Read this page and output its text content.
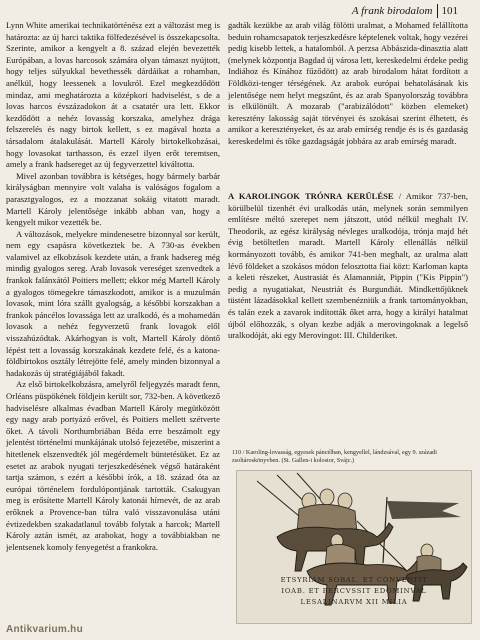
A frank birodalom 101

Lynn White amerikai technikatörténész ezt a változást meg is határozta: az új harci taktika fölfedezésével is összekapcsolta. Szerinte, amikor a kengyelt a 8. század elején bevezették Európában, a lovas harcosok számára olyan támaszt nyújtott, hogy teljes súlyukkal bevethessék dárdáikat a rohamban, anélkül, hogy leessenek a lovukról. Ezel megkezdődött mindaz, ami meghatározta a középkori hadviselést, s de a lovas harcos évszázadokon át a csatatér ura lett. Ekkor kezdődött a nehéz lovasság korszaka, amelyhez drága felszerelés és nagy birtok kellett, s ez magával hozta a társadalom átalakulását. Martell Károly birtokelkobzásai, hogy lovasokat tarthasson, és ezzel ilyen erőt teremtsen, amely a frank hadsereget az új fegyverzettel kiváltotta.

Mivel azonban továbbra is kétséges, hogy bármely barbár királyságban mennyire volt valaha is valóságos fogalom a parasztgyalogos, ez a mozzanat sokáig vitatott maradt. Martell Károly jelentősége inkább abban van, hogy a kengyelt mikor vezették be.

A változások, melyekre mindenesetre bizonnyal sor került, nem egy csapásra következtek be. A 730-as években valamivel az elkobzások kezdete után, a frank hadsereg még mindig gyalogos sereg. Arab lovasok vereséget szenvedtek a frankok falánxától Poitiers mellett; ekkor még Martell Károly a gyalogos tömegekre támaszkodott, amikor is a muzulmán lovasok, mint lóra szállt gyalogság, a későbbi korszakban a frankok páncélos lovassága lett az uralkodó, és a mohamedán lovasok a nehéz fegyverzetű frank lovagok elől visszahúzódtak. Akárhogyan is volt, Martell Károly döntő lépést tett a lovasság korszakának kezdete felé, és a katona-földbirtokos osztály létrejötte felé, amely minden bizonnyal a hadakozás új stratégiájából fakadt.

Az első birtokelkobzásra, amelyről feljegyzés maradt fenn, Orléans püspökének földjein került sor, 732-ben. A következő hadviselésre alkalmas évadban Martell Károly megütközött egy nagy arab portyázó erővel, és Poitiers mellett szétverte őket. A távoli Northumbriában Béda erre beszámolt egy jelentést történelmi munkájának utolsó fejezetébe, miszerint a hitetlenek elszenvedték jól megérdemelt büntetésüket. Ez az esetet az arabok nyugati terjeszkedésének végső határaként tartja számon, s ezért a későbbi írók, a 18. század óta az európai történelem fordulópontjának tartották. Csakugyan meg is erősítette Martell Károly katonái hírnevét, de az arab erőknek a Provence-ban túlra való visszavonulása utáni évtizedekben szakadatlanul tovább folytak a harcok; Martell Károly aztán ismét, az arabokat, hogy a továbbiakban ne jelentsenek komoly fenyegetést a frankokra.

gadták kezükbe az arab világ fölötti uralmat, a Mohamed felállította beduin rohamcsapatok terjeszkedésre képtelenek voltak, hogy vezérei pedig kisebb lettek, a hatalomból. A perzsa Abbászida-dinasztia alatt (melynek központja Bagdad új városa lett, kereskedelmi érdeke pedig Indiához és Kínához fűződött) az arab birodalom hátat fordított a Földközi-tenger térségének. Az arabok európai behatolásának kis jelentősége nem helyt megszűnt, és az arab Spanyolország továbbra is elkülönült. A mozarab ("arabizálódott" közben elemeket) keresztény lakosság saját törvényei és szokásai szerint élhetett, és amikor a keresztényeket, és az arab emírség rendje és is és gazdaság kereskedelmi és tőke gazdagságát jobbára az arab emírség maradt.

A KAROLINGOK TRÓNRA KERÜLÉSE / Amikor 737-ben, körülbelül tizenhét évi uralkodás után, melynek során semmilyen említésre méltó szerepet nem játszott, utód nélkül meghalt IV. Theodorik, az egész királyság névleges uralkodója, trónja majd hét évig betöltetlen maradt. Martell Károly ellenállás nélkül kormányozott tovább, és amikor 741-ben meghalt, az uralma alatt lévő földeket a szokásos módon felosztotta fiai közt: Karloman kapta a keleti részeket, Austrasiát és Alamanniát, Pippin ("Kis Pippin") pedig a nyugatiakat, Neustriát és Burgundiát. Mindkettőjüknek tüstént lázadásokkal kellett szembenézniük a frank tartományokban, és talán ezek a zavarok indították őket arra, hogy a királyi hatalmat újból előhozzák, s olyan kezbe adják a merovingoknak a legelső uralkodóját, aki egy Merovingot: III. Childeriket.

110 / Karoling-lovasság, egyesek páncélban, kengyellel, lándzsával, egy 9. századi zsoltároskönyvben. (St. Gallen-i kolostor, Svájc.)

ETSYRIAM SOBAL. ET CONVERTIT

IOAB. ET PERCVSSIT EDOMINVAL

LESALINARVM XII MILIA

Antikvarium.hu
